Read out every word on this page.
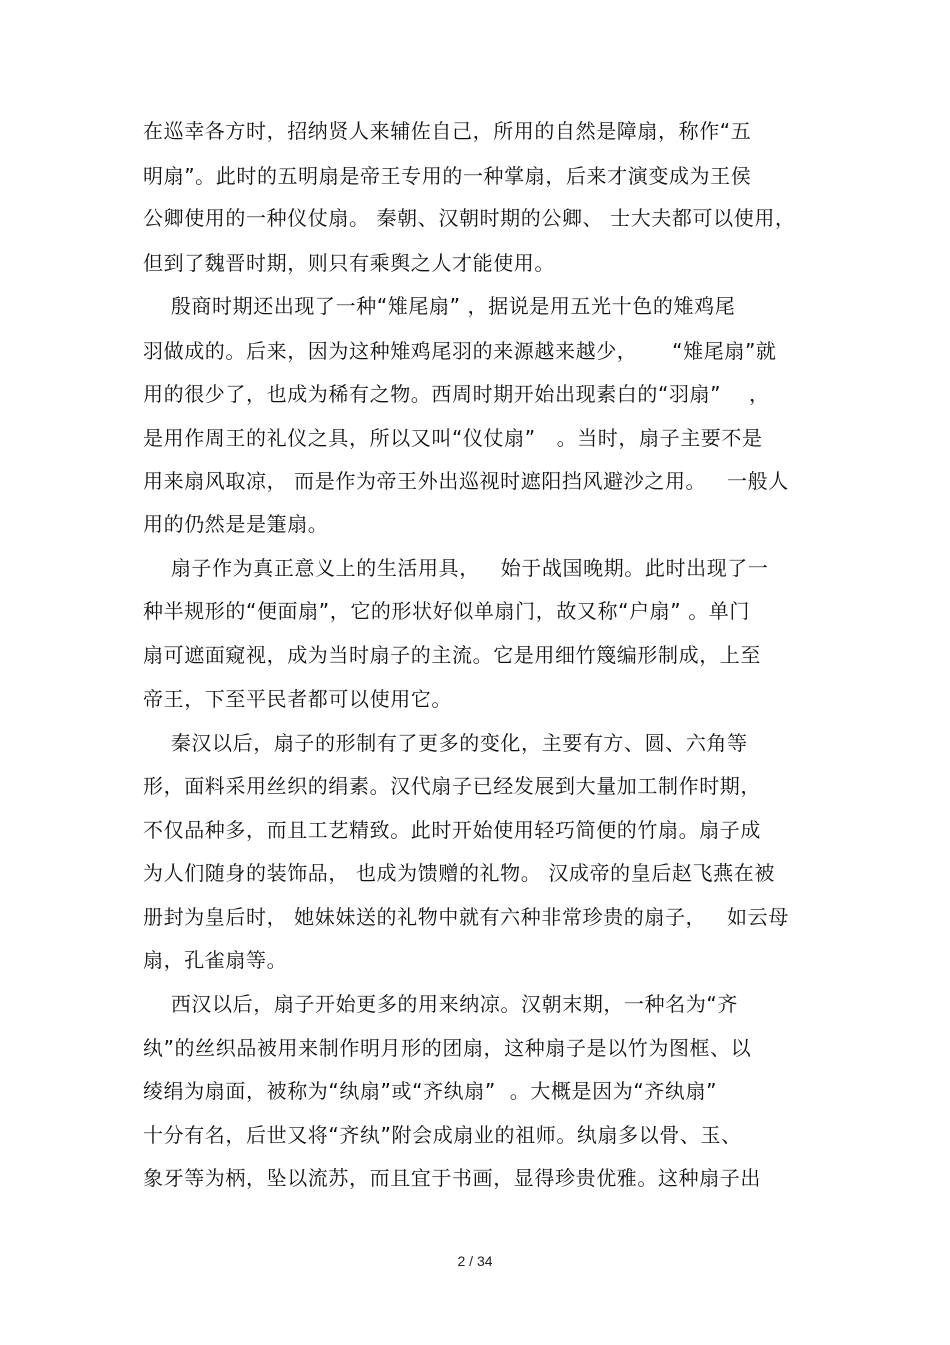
在巡幸各方时，招纳贤人来辅佐自己，所用的自然是障扇，称作“五
明扇”。此时的五明扇是帝王专用的一种掌扇，后来才演变成为王侯
公卿使用的一种仪仗扇。 秦朝、汉朝时期的公卿、 士大夫都可以使用，
但到了魏晋时期，则只有乘舆之人才能使用。
殷商时期还出现了一种“雉尾扇” ，据说是用五光十色的雉鸡尾
羽做成的。后来，因为这种雉鸡尾羽的来源越来越少，     “雉尾扇”就
用的很少了，也成为稀有之物。西周时期开始出现素白的“羽扇”    ，
是用作周王的礼仪之具，所以又叫“仪仗扇”   。当时，扇子主要不是
用来扇风取凉， 而是作为帝王外出巡视时遮阳挡风避沙之用。   一般人
用的仍然是是箑扇。
扇子作为真正意义上的生活用具，   始于战国晚期。此时出现了一
种半规形的“便面扇”，它的形状好似单扇门，故又称“户扇” 。单门
扇可遮面窥视，成为当时扇子的主流。它是用细竹篾编形制成，上至
帝王，下至平民者都可以使用它。
秦汉以后，扇子的形制有了更多的变化，主要有方、圆、六角等
形，面料采用丝织的绢素。汉代扇子已经发展到大量加工制作时期，
不仅品种多，而且工艺精致。此时开始使用轻巧简便的竹扇。扇子成
为人们随身的装饰品， 也成为馈赠的礼物。 汉成帝的皇后赵飞燕在被
册封为皇后时， 她妹妹送的礼物中就有六种非常珍贵的扇子，   如云母
扇，孔雀扇等。
西汉以后，扇子开始更多的用来纳凉。汉朝末期，一种名为“齐
纨”的丝织品被用来制作明月形的团扇，这种扇子是以竹为图框、以
绫绢为扇面，被称为“纨扇”或“齐纨扇”  。大概是因为“齐纨扇”
十分有名，后世又将“齐纨”附会成扇业的祖师。纨扇多以骨、玉、
象牙等为柄，坠以流苏，而且宜于书画，显得珍贵优雅。这种扇子出
2 / 34
